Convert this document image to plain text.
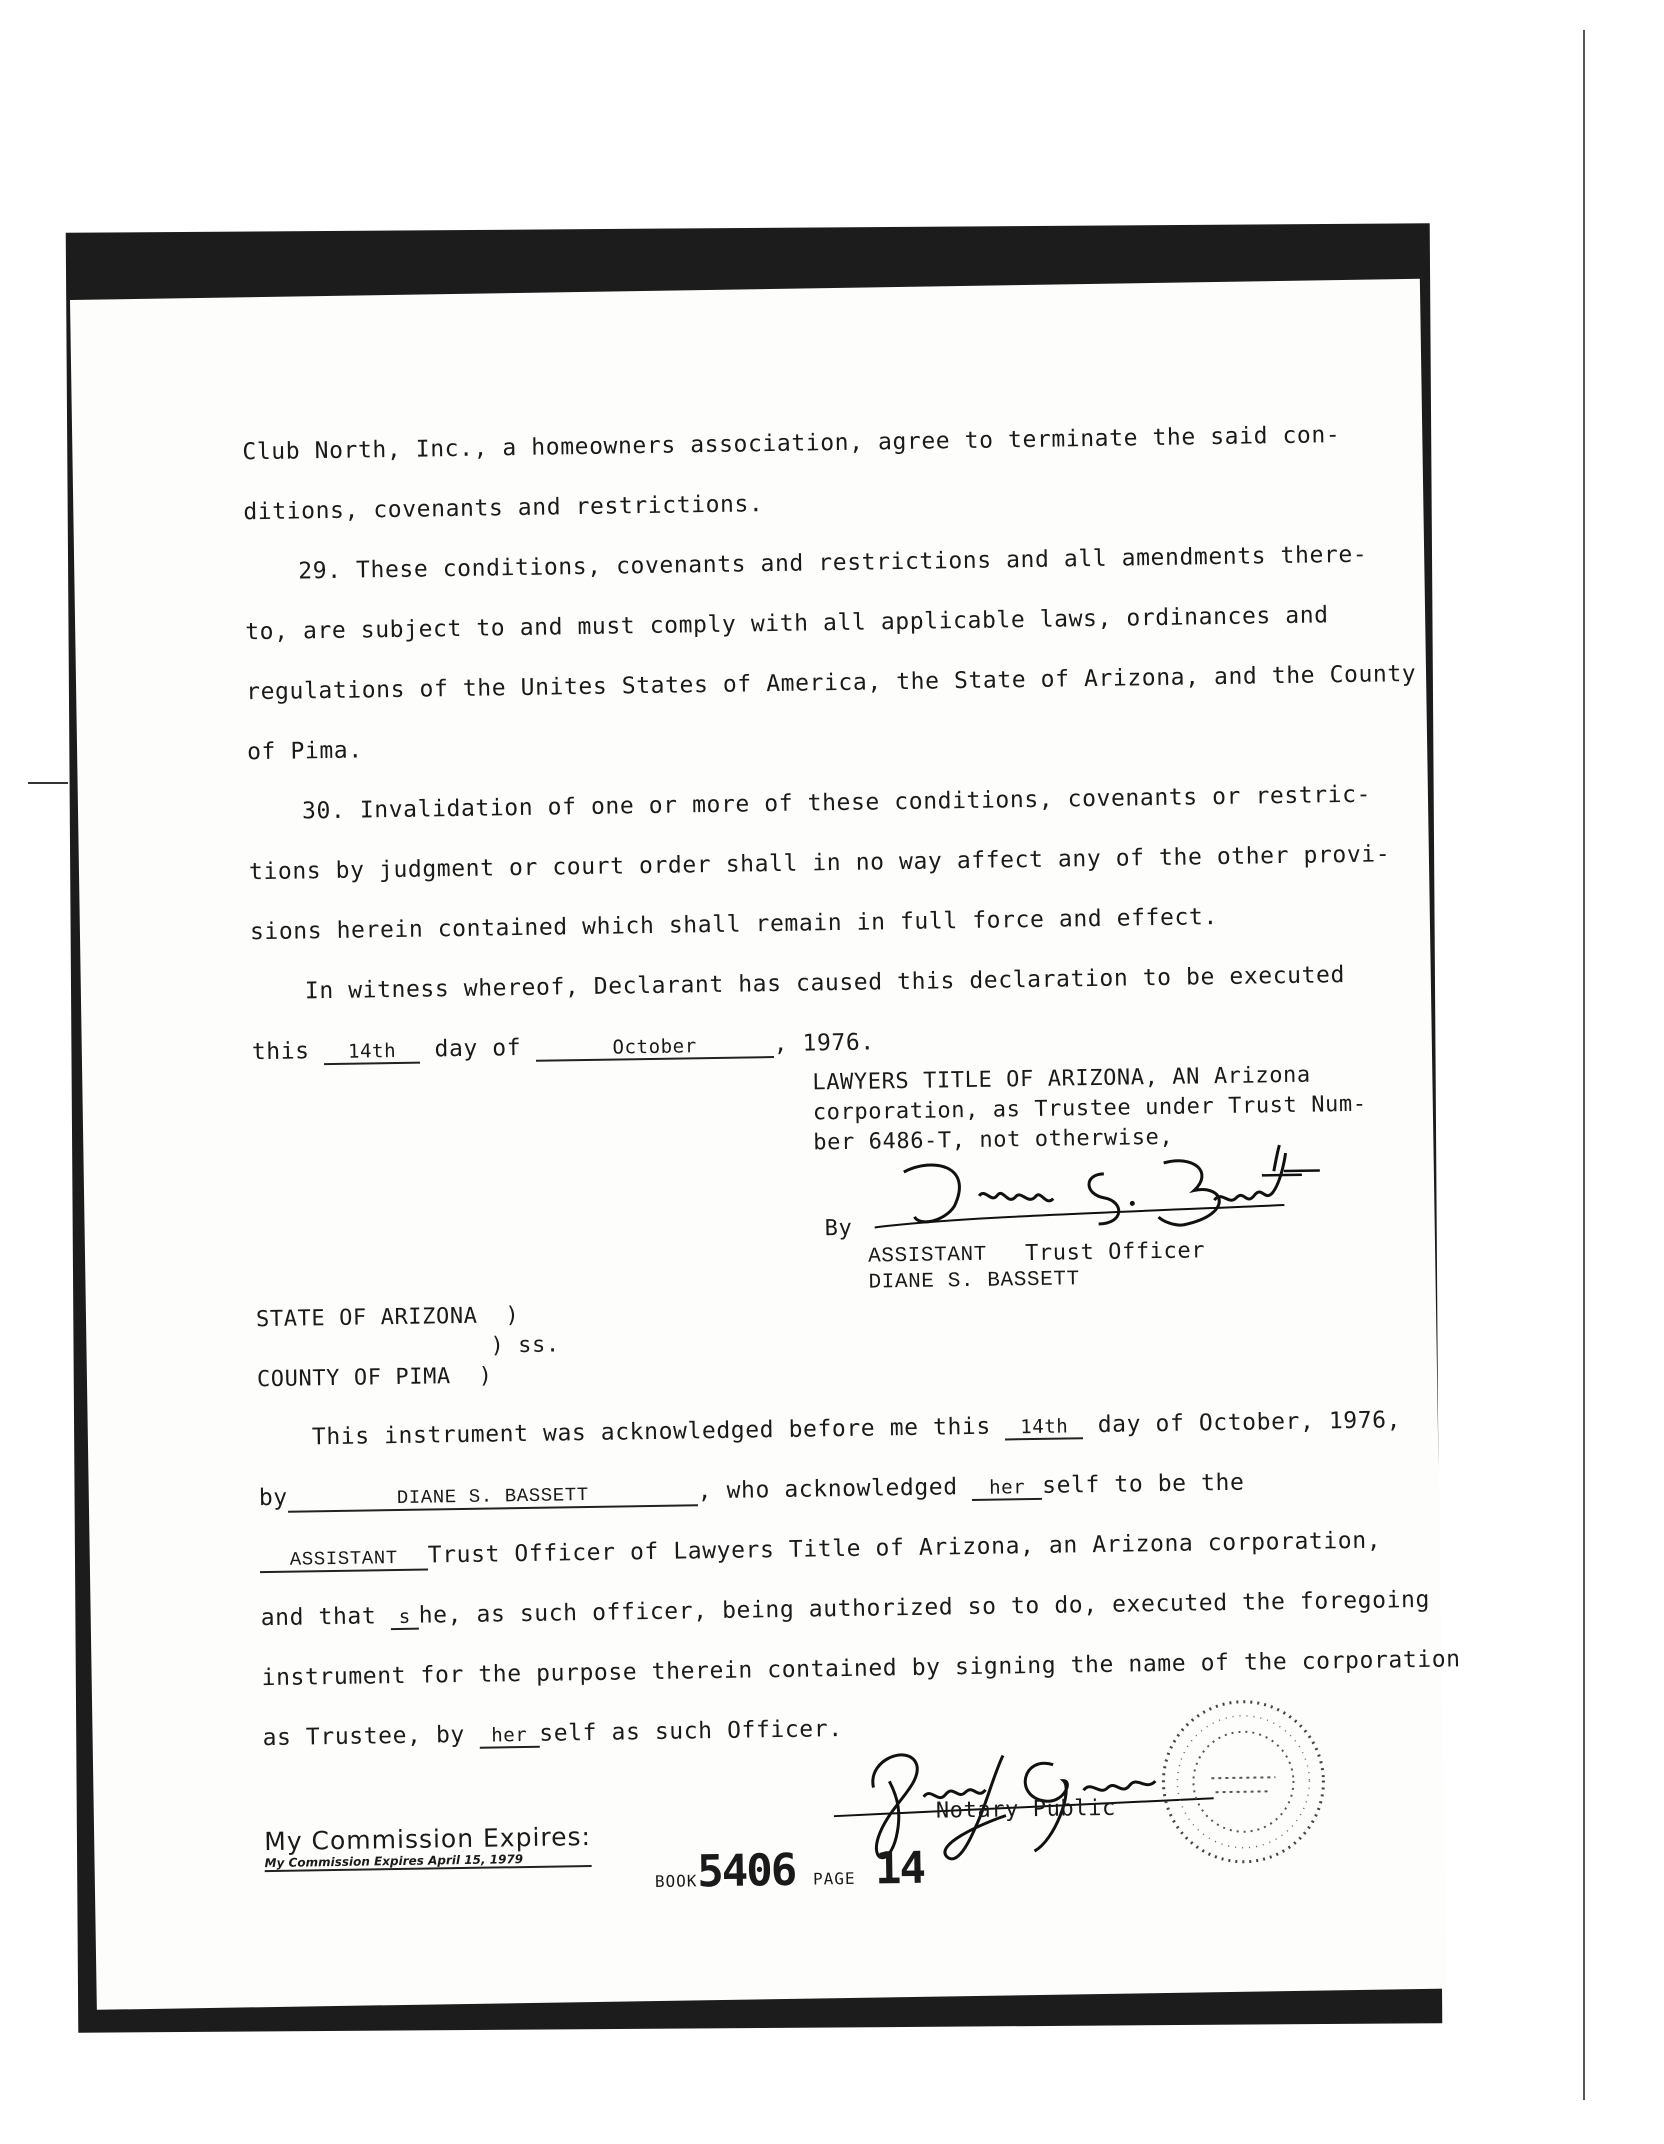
Club North, Inc., a homeowners association, agree to terminate the said con-
ditions, covenants and restrictions.
29. These conditions, covenants and restrictions and all amendments there-
to, are subject to and must comply with all applicable laws, ordinances and
regulations of the Unites States of America, the State of Arizona, and the County
of Pima.
30. Invalidation of one or more of these conditions, covenants or restric-
tions by judgment or court order shall in no way affect any of the other provi-
sions herein contained which shall remain in full force and effect.
In witness whereof, Declarant has caused this declaration to be executed
this 14th day of	October	, 1976.
LAWYERS TITLE OF ARIZONA, AN Arizona
corporation, as Trustee under Trust Num-
ber 6486-T, not otherwise,
By	Diane S. Bassett
ASSISTANT Trust Officer
DIANE S. BASSETT
STATE OF ARIZONA )
) ss.
COUNTY OF PIMA )
This instrument was acknowledged before me this 14th day of October, 1976,
by	DIANE S. BASSETT	, who acknowledged her self to be the
ASSISTANT Trust Officer of Lawyers Title of Arizona, an Arizona corporation,
and that s he, as such officer, being authorized so to do, executed the foregoing
instrument for the purpose therein contained by signing the name of the corporation
as Trustee, by her self as such Officer.
Notary Public
My Commission Expires:
My Commission Expires April 15, 1979
BOOK5406 PAGE 14
